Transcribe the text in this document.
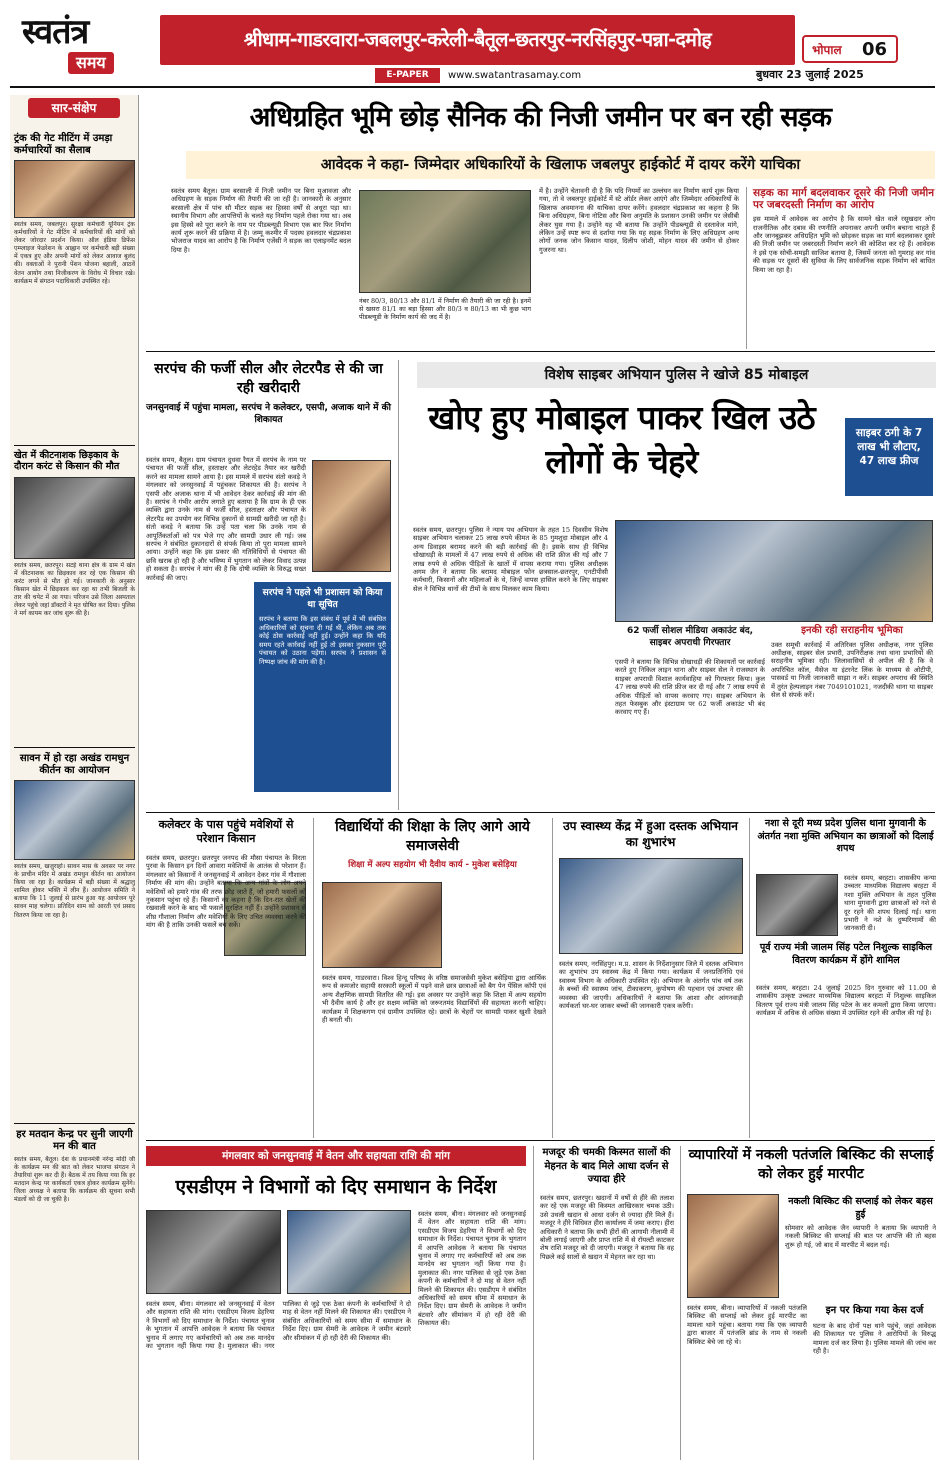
स्वतंत्र
समय
श्रीधाम-गाडरवारा-जबलपुर-करेली-बैतूल-छतरपुर-नरसिंहपुर-पन्ना-दमोह	भोपाल	06
E-PAPER	www.swatantrasamay.com	बुधवार 23 जुलाई 2025
सार-संक्षेप
ट्रंक की गेट मीटिंग में उमड़ा कर्मचारियों का सैलाब
स्वतंत्र समय, जबलपुर। सुरक्षा कर्मचारी यूनियन ट्रंक कर्मचारियों ने गेट मीटिंग में कर्मचारियों की मांगों को लेकर जोरदार प्रदर्शन किया। ऑल इंडिया डिफेंस एम्प्लाइज फेडरेशन के आह्वान पर कर्मचारी बड़ी संख्या में एकत्र हुए और अपनी मांगों को लेकर आवाज बुलंद की। वक्ताओं ने पुरानी पेंशन योजना बहाली, आठवें वेतन आयोग तथा निजीकरण के विरोध में विचार रखे। कार्यक्रम में संगठन पदाधिकारी उपस्थित रहे।
खेत में कीटनाशक छिड़काव के दौरान करंट से किसान की मौत
स्वतंत्र समय, छतरपुर। सटई थाना क्षेत्र के ग्राम में खेत में कीटनाशक का छिड़काव कर रहे एक किसान की करंट लगने से मौत हो गई। जानकारी के अनुसार किसान खेत में छिड़काव कर रहा था तभी बिजली के तार की चपेट में आ गया। परिजन उसे जिला अस्पताल लेकर पहुंचे जहां डॉक्टरों ने मृत घोषित कर दिया। पुलिस ने मर्ग कायम कर जांच शुरू की है।
सावन में हो रहा अखंड रामधुन कीर्तन का आयोजन
स्वतंत्र समय, खजुराहो। सावन मास के अवसर पर नगर के प्राचीन मंदिर में अखंड रामधुन कीर्तन का आयोजन किया जा रहा है। कार्यक्रम में बड़ी संख्या में श्रद्धालु शामिल होकर भक्ति में लीन हैं। आयोजन समिति ने बताया कि 11 जुलाई से प्रारंभ हुआ यह आयोजन पूरे सावन माह चलेगा। प्रतिदिन शाम को आरती एवं प्रसाद वितरण किया जा रहा है।
हर मतदान केन्द्र पर सुनी जाएगी मन की बात
स्वतंत्र समय, बैतूल। देश के प्रधानमंत्री नरेन्द्र मोदी जी के कार्यक्रम मन की बात को लेकर भाजपा संगठन ने तैयारियां शुरू कर दी हैं। बैठक में तय किया गया कि हर मतदान केन्द्र पर कार्यकर्ता एकत्र होकर कार्यक्रम सुनेंगे। जिला अध्यक्ष ने बताया कि कार्यक्रम की सूचना सभी मंडलों को दी जा चुकी है।
अधिग्रहित भूमि छोड़ सैनिक की निजी जमीन पर बन रही सड़क
आवेदक ने कहा- जिम्मेदार अधिकारियों के खिलाफ जबलपुर हाईकोर्ट में दायर करेंगे याचिका
स्वतंत्र समय बैतूल। ग्राम बरसाली में निजी जमीन पर बिना मुआवजा और अधिग्रहण के सड़क निर्माण की तैयारी की जा रही है। जानकारी के अनुसार बरसाली क्षेत्र में पांच सौ मीटर सड़क का हिस्सा वर्षों से अधूरा पड़ा था। स्थानीय विभाग और आपत्तियों के चलते यह निर्माण पहले रोका गया था। अब इस हिस्से को पूरा करने के नाम पर पीडब्ल्यूडी विभाग एक बार फिर निर्माण कार्य शुरू करने की प्रक्रिया में है। जम्मू कश्मीर में पदस्थ हवलदार चंद्रप्रकाश भोजराज यादव का आरोप है कि निर्माण एजेंसी ने सड़क का एलाइनमेंट बदल दिया है।
नंबर 80/3, 80/13 और 81/1 में निर्माण की तैयारी की जा रही है। इनमें से खसरा 81/1 का बड़ा हिस्सा और 80/3 व 80/13 का भी कुछ भाग पीडब्ल्यूडी के निर्माण कार्य की जद में है।
में है। उन्होंने चेतावनी दी है कि यदि नियमों का उल्लंघन कर निर्माण कार्य शुरू किया गया, तो वे जबलपुर हाईकोर्ट में स्टे ऑर्डर लेकर आएंगे और जिम्मेदार अधिकारियों के खिलाफ अवमानना की याचिका दायर करेंगे। हवलदार चंद्रप्रकाश का कहना है कि बिना अधिग्रहण, बिना नोटिस और बिना अनुमति के प्रशासन उनकी जमीन पर जेसीबी लेकर घुस गया है। उन्होंने यह भी बताया कि उन्होंने पीडब्ल्यूडी से दस्तावेज मांगे, लेकिन उन्हें स्पष्ट रूप से दर्शाया गया कि यह सड़क निर्माण के लिए अधिग्रहण अन्य लोगों जनक जोन किसान यादव, दिलीप जोशी, मोहन यादव की जमीन से होकर गुजरना था।
सड़क का मार्ग बदलवाकर दूसरे की निजी जमीन पर जबरदस्ती निर्माण का आरोप
इस मामले में आवेदक का आरोप है कि सामने खेत वाले रसूखदार लोग राजनीतिक और दबाव की रणनीति अपनाकर अपनी जमीन बचाना चाहते हैं और जानबूझकर अधिग्रहित भूमि को छोड़कर सड़क का मार्ग बदलवाकर दूसरे की निजी जमीन पर जबरदस्ती निर्माण करने की कोशिश कर रहे हैं। आवेदक ने इसे एक सोची-समझी साजिश बताया है, जिसमें जनता को गुमराह कर गांव की सड़क पर दूसरों की सुविधा के लिए सार्वजनिक सड़क निर्माण को बाधित किया जा रहा है।
सरपंच की फर्जी सील और लेटरपैड से की जा रही खरीदारी
जनसुनवाई में पहुंचा मामला, सरपंच ने कलेक्टर, एसपी, अजाक थाने में की शिकायत
स्वतंत्र समय, बैतूल। ग्राम पंचायत दुधवा रैयत में सरपंच के नाम पर पंचायत की फर्जी सील, हस्ताक्षर और लेटरहेड तैयार कर खरीदी करने का मामला सामने आया है। इस मामले में सरपंच संतो कवड़े ने मंगलवार को जनसुनवाई में पहुंचकर शिकायत की है। सरपंच ने एसपी और अजाक थाना में भी आवेदन देकर कार्रवाई की मांग की है। सरपंच ने गंभीर आरोप लगाते हुए बताया है कि ग्राम के ही एक व्यक्ति द्वारा उनके नाम से फर्जी सील, हस्ताक्षर और पंचायत के लेटरपैड का उपयोग कर विभिन्न दुकानों से सामग्री खरीदी जा रही है। संतो कवड़े ने बताया कि उन्हें पता चला कि उनके नाम से आपूर्तिकर्ताओं को पत्र भेजे गए और सामग्री उधार ली गई। जब सरपंच ने संबंधित दुकानदारों से संपर्क किया तो पूरा मामला सामने आया। उन्होंने कहा कि इस प्रकार की गतिविधियों से पंचायत की छवि खराब हो रही है और भविष्य में भुगतान को लेकर विवाद उत्पन्न हो सकता है। सरपंच ने मांग की है कि दोषी व्यक्ति के विरुद्ध सख्त कार्रवाई की जाए।
सरपंच ने पहले भी प्रशासन को किया था सूचित
सरपंच ने बताया कि इस संबंध में पूर्व में भी संबंधित अधिकारियों को सूचना दी गई थी, लेकिन अब तक कोई ठोस कार्रवाई नहीं हुई। उन्होंने कहा कि यदि समय रहते कार्रवाई नहीं हुई तो इसका नुकसान पूरी पंचायत को उठाना पड़ेगा। सरपंच ने प्रशासन से निष्पक्ष जांच की मांग की है।
विशेष साइबर अभियान पुलिस ने खोजे 85 मोबाइल
खोए हुए मोबाइल पाकर खिल उठे लोगों के चेहरे
साइबर ठगी के 7 लाख भी लौटाए, 47 लाख फ्रीज
स्वतंत्र समय, छतरपुर। पुलिस ने न्याय पथ अभियान के तहत 15 दिवसीय विशेष साइबर अभियान चलाकर 25 लाख रुपये कीमत के 85 गुमशुदा मोबाइल और 4 अन्य डिवाइस बरामद करने की बड़ी कार्रवाई की है। इसके साथ ही विभिन्न धोखाधड़ी के मामलों में 47 लाख रुपये से अधिक की राशि फ्रीज की गई और 7 लाख रुपये से अधिक पीड़ितों के खातों में वापस कराया गया। पुलिस अधीक्षक अगम जैन ने बताया कि बरामद मोबाइल फोन छत्रसाल-छतरपुर, एनटीपीसी कर्मचारी, किसानों और महिलाओं के थे, जिन्हें वापस हासिल करने के लिए साइबर सेल ने विभिन्न थानों की टीमों के साथ मिलकर काम किया।
62 फर्जी सोशल मीडिया अकाउंट बंद, साइबर अपराधी गिरफ्तार
एसपी ने बताया कि विभिन्न धोखाधड़ी की शिकायतों पर कार्रवाई करते हुए निकिल लाइन थाना और साइबर सेल ने राजस्थान के साइबर अपराधी विशाल कार्यवाहिया को गिरफ्तार किया। कुल 47 लाख रुपये की राशि फ्रीज कर दी गई और 7 लाख रुपये से अधिक पीड़ितों को वापस करवाए गए। साइबर अभियान के तहत फेसबुक और इंस्टाग्राम पर 62 फर्जी अकाउंट भी बंद करवाए गए हैं।
इनकी रही सराहनीय भूमिका
उक्त समूची कार्रवाई में अतिरिक्त पुलिस अधीक्षक, नगर पुलिस अधीक्षक, साइबर सेल प्रभारी, उपनिरीक्षक तथा थाना प्रभारियों की सराहनीय भूमिका रही। जिलावासियों से अपील की है कि वे अपरिचित कॉल, मैसेज या इंटरनेट लिंक के माध्यम से ओटीपी, पासवर्ड या निजी जानकारी साझा न करें। साइबर अपराध की स्थिति में तुरंत हेल्पलाइन नंबर 7049101021, नजदीकी थाना या साइबर सेल से संपर्क करें।
कलेक्टर के पास पहुंचे मवेशियों से परेशान किसान
स्वतंत्र समय, छतरपुर। छतरपुर जनपद की मौसा पंचायत के विरता पुरवा के किसान इन दिनों आवारा मवेशियों के आतंक से परेशान हैं। मंगलवार को किसानों ने जनसुनवाई में आवेदन देकर गांव में गौशाला निर्माण की मांग की। उन्होंने बताया कि अन्य गांवों के लोग अपने मवेशियों को हमारे गांव की तरफ छोड़ जाते हैं, जो हमारी फसलों को नुकसान पहुंचा रहे हैं। किसानों का कहना है कि दिन-रात खेतों की रखवाली करने के बाद भी फसलें सुरक्षित नहीं हैं। उन्होंने प्रशासन से शीघ्र गौशाला निर्माण और मवेशियों के लिए उचित व्यवस्था करने की मांग की है ताकि उनकी फसलें बच सकें।
विद्यार्थियों की शिक्षा के लिए आगे आये समाजसेवी
शिक्षा में अल्प सहयोग भी दैवीय कार्य - मुकेश बसेड़िया
स्वतंत्र समय, गाडरवारा। विश्व हिन्दू परिषद के वरिष्ठ समाजसेवी मुकेश बसेड़िया द्वारा आर्थिक रूप से कमजोर सहायी सरकारी स्कूलों में पढ़ने वाले छात्र छात्राओं को बैग पेन पेंसिल कॉपी एवं अन्य शैक्षणिक सामग्री वितरित की गई। इस अवसर पर उन्होंने कहा कि शिक्षा में अल्प सहयोग भी दैवीय कार्य है और हर सक्षम व्यक्ति को जरूरतमंद विद्यार्थियों की सहायता करनी चाहिए। कार्यक्रम में शिक्षकगण एवं ग्रामीण उपस्थित रहे। छात्रों के चेहरों पर सामग्री पाकर खुशी देखते ही बनती थी।
उप स्वास्थ्य केंद्र में हुआ दस्तक अभियान का शुभारंभ
स्वतंत्र समय, नरसिंहपुर। म.प्र. शासन के निर्देशानुसार जिले में दस्तक अभियान का शुभारंभ उप स्वास्थ्य केंद्र में किया गया। कार्यक्रम में जनप्रतिनिधि एवं स्वास्थ्य विभाग के अधिकारी उपस्थित रहे। अभियान के अंतर्गत पांच वर्ष तक के बच्चों की स्वास्थ्य जांच, टीकाकरण, कुपोषण की पहचान एवं उपचार की व्यवस्था की जाएगी। अधिकारियों ने बताया कि आशा और आंगनवाड़ी कार्यकर्ता घर-घर जाकर बच्चों की जानकारी एकत्र करेंगी।
नशा से दूरी मध्य प्रदेश पुलिस थाना मुगवानी के अंतर्गत नशा मुक्ति अभियान का छात्राओं को दिलाई शपथ
स्वतंत्र समय, बरहटा। शासकीय कन्या उच्चतर माध्यमिक विद्यालय बरहटा में नशा मुक्ति अभियान के तहत पुलिस थाना मुगवानी द्वारा छात्राओं को नशे से दूर रहने की शपथ दिलाई गई। थाना प्रभारी ने नशे के दुष्परिणामों की जानकारी दी।
पूर्व राज्य मंत्री जालम सिंह पटेल निशुल्क साइकिल वितरण कार्यक्रम में होंगे शामिल
स्वतंत्र समय, बरहटा। 24 जुलाई 2025 दिन गुरुवार को 11.00 से शासकीय उत्कृष्ट उच्चतर माध्यमिक विद्यालय बरहटा में निशुल्क साइकिल वितरण पूर्व राज्य मंत्री जालम सिंह पटेल के कर कमलों द्वारा किया जाएगा। कार्यक्रम में अधिक से अधिक संख्या में उपस्थित रहने की अपील की गई है।
मंगलवार को जनसुनवाई में वेतन और सहायता राशि की मांग
एसडीएम ने विभागों को दिए समाधान के निर्देश
स्वतंत्र समय, बीना। मंगलवार को जनसुनवाई में वेतन और सहायता राशि की मांग। एसडीएम विजय डेहरिया ने विभागों को दिए समाधान के निर्देश। पंचायत चुनाव के भुगतान में आपत्ति आवेदक ने बताया कि पंचायत चुनाव में लगाए गए कर्मचारियों को अब तक मानदेय का भुगतान नहीं किया गया है। मुलाकात की। नगर पालिका से जुड़े एक ठेका कंपनी के कर्मचारियों ने दो माह से वेतन नहीं मिलने की शिकायत की। एसडीएम ने संबंधित अधिकारियों को समय सीमा में समाधान के निर्देश दिए। ग्राम सेमरी के आवेदक ने जमीन बंटवारे और सीमांकन में हो रही देरी की शिकायत की।
स्वतंत्र समय, बीना। मंगलवार को जनसुनवाई में वेतन और सहायता राशि की मांग। एसडीएम विजय डेहरिया ने विभागों को दिए समाधान के निर्देश। पंचायत चुनाव के भुगतान में आपत्ति आवेदक ने बताया कि पंचायत चुनाव में लगाए गए कर्मचारियों को अब तक मानदेय का भुगतान नहीं किया गया है। मुलाकात की। नगर पालिका से जुड़े एक ठेका कंपनी के कर्मचारियों ने दो माह से वेतन नहीं मिलने की शिकायत की। एसडीएम ने संबंधित अधिकारियों को समय सीमा में समाधान के निर्देश दिए। ग्राम सेमरी के आवेदक ने जमीन बंटवारे और सीमांकन में हो रही देरी की शिकायत की।
मजदूर की चमकी किस्मत सालों की मेहनत के बाद मिले आधा दर्जन से ज्यादा हीरे
स्वतंत्र समय, छतरपुर। खदानों में वर्षों से हीरे की तलाश कर रहे एक मजदूर की किस्मत आखिरकार चमक उठी। उसे उथली खदान से आधा दर्जन से ज्यादा हीरे मिले हैं। मजदूर ने हीरे विधिवत हीरा कार्यालय में जमा कराए। हीरा अधिकारी ने बताया कि सभी हीरों की आगामी नीलामी में बोली लगाई जाएगी और प्राप्त राशि में से रॉयल्टी काटकर शेष राशि मजदूर को दी जाएगी। मजदूर ने बताया कि वह पिछले कई सालों से खदान में मेहनत कर रहा था।
व्यापारियों में नकली पतंजलि बिस्किट की सप्लाई को लेकर हुई मारपीट
नकली बिस्किट की सप्लाई को लेकर बहस हुई
सोमवार को आवेदक जैन व्यापारी ने बताया कि व्यापारी ने नकली बिस्किट की सप्लाई की बात पर आपत्ति की तो बहस शुरू हो गई, जो बाद में मारपीट में बदल गई।
स्वतंत्र समय, बीना। व्यापारियों में नकली पतंजलि बिस्किट की सप्लाई को लेकर हुई मारपीट का मामला थाने पहुंचा। बताया गया कि एक व्यापारी द्वारा बाजार में पतंजलि ब्रांड के नाम से नकली बिस्किट बेचे जा रहे थे।
इन पर किया गया केस दर्ज
घटना के बाद दोनों पक्ष थाने पहुंचे, जहां आवेदक की शिकायत पर पुलिस ने आरोपियों के विरुद्ध मामला दर्ज कर लिया है। पुलिस मामले की जांच कर रही है।
